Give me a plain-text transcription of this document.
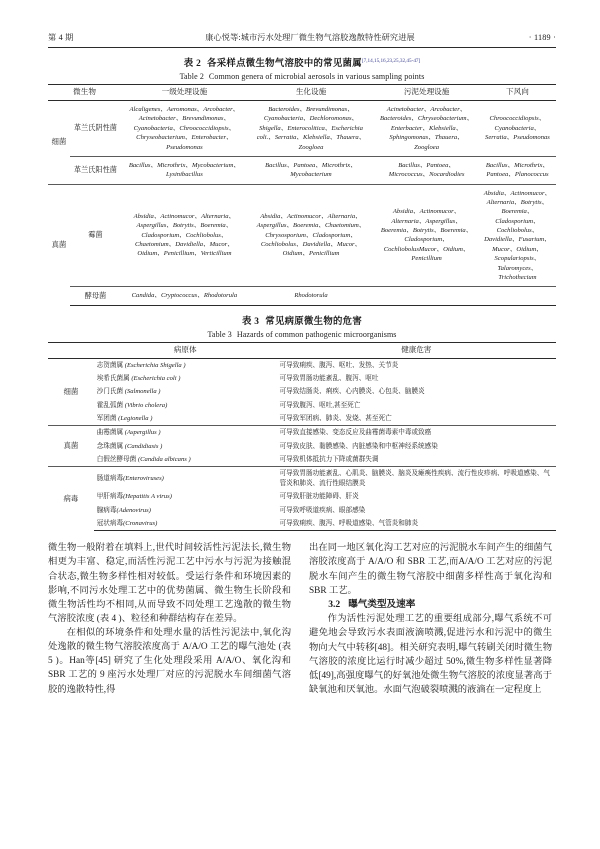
第 4 期	康心悦等:城市污水处理厂微生物气溶胶逸散特性研究进展	· 1189 ·
表 2 各采样点微生物气溶胶中的常见菌属[7,14,15,16,23,25,32,45-47]
Table 2 Common genera of microbial aerosols in various sampling points
微生物		一级处理设施	生化设施	污泥处理设施	下风向
细菌	革兰氏阴性菌	Alcaligenes、Aeromonas、Arcobacter、Acinetobacter、Brevundimonas、Cyanobacteria、Chroococcidiopsis、Chryseobacterium、Enterobacter、Pseudomonas	Bacteroides、Brevundimonas、Cyanobacteria、Dechloromonas、Shigella、Enterocolitica、Escherichia coli.、Serratia、Klebsiella、Thauera、Zoogloea	Acinetobacter、Arcobacter、Bacteroides、Chryseobacterium、Enterbacter、Klebsiella、Sphingomonas、Thauera、Zoogloea	Chroococcidiopsis、Cyanobacteria、Serratia、Pseudomonas
	革兰氏阳性菌	Bacillus、Microthrix、Mycobacterium、Lysinibacillus	Bacillus、Pantoea、Microthrix、Mycobacterium	Bacillus、Pantoea、Micrococcus、Nocardiodies	Bacillus、Microthrix、Pantoea、Planococcus
真菌	霉菌	Absidia、Actinomucor、Alternaria、Aspergillus、Botrytis、Boeremia、Cladosporium、Cochliobolus、Chaetomium、Davidiella、Mucor、Oidium、Penicillium、Verticillium	Absidia、Actinomucor、Alternaria、Aspergillus、Boeremia、Chaetomium、Chrysosporium、Cladosporium、Cochliobolus、Davidiella、Mucor、Oidium、Penicillium	Absidia、Actinomucor、Alternaria、Aspergillus、Boeremia、Botrytis、Boeremia、Cladosporium、CochliobolusMucor、Oidium、Penicillium	Absidia、Actinomucor、Alternaria、Botrytis、Boeremia、Cladosporium、Cochliobolus、Davidiella、Fusarium、Mucor、Oidium、Scopulariopsis、Talaromyces、Trichothecium
	酵母菌	Candida、Cryptococcus、Rhodotorula	Rhodotorula		
表 3 常见病原微生物的危害
Table 3 Hazards of common pathogenic microorganisms
	病原体	健康危害
细菌	志贺菌属 (Escherichia Shigella )	可导致痢疾、腹泻、呕吐、发热、关节炎
	埃希氏菌属 (Escherichia coli )	可导致胃肠功能紊乱、腹泻、呕吐
	沙门氏菌 (Salmonella )	可导致结肠炎、痢疾、心内膜炎、心包炎、脑膜炎
	霍乱弧菌 (Vibrio cholera)	可导致腹泻、呕吐,甚至死亡
	军团菌 (Legionella )	可导致军团病、肺炎、发烧、甚至死亡
真菌	曲霉菌属 (Aspergillus )	可导致直接感染、变态反应及曲霉菌毒素中毒或致癌
	念珠菌属 (Candidiasis )	可导致皮肤、黏膜感染、内脏感染和中枢神经系统感染
	白假丝酵母菌 (Candida albicans )	可导致机体抵抗力下降或菌群失调
病毒	肠道病毒(Enteroviruses)	可导致胃肠功能紊乱、心肌炎、脑膜炎、脑炎及瘫痪性疾病、流行性皮疹病、呼吸道感染、气管炎和肺炎、流行性眼结膜炎
	甲肝病毒(Hepatitis A virus)	可导致肝脏功能障碍、肝炎
	腺病毒(Adenovirus)	可导致呼吸道疾病、眼部感染
	冠状病毒(Cronavirus)	可导致痢疾、腹泻、呼吸道感染、气管炎和肺炎

微生物一般附着在填料上,世代时间较活性污泥法长,微生物相更为丰富、稳定,而活性污泥工艺中污水与污泥为接触混合状态,微生物多样性相对较低。受运行条件和环境因素的影响,不同污水处理工艺中的优势菌属、微生物生长阶段和微生物活性均不相同,从而导致不同处理工艺逸散的微生物气溶胶浓度 (表 4 )、粒径和种群结构存在差异。

在相似的环境条件和处理水量的活性污泥法中,氧化沟处逸散的微生物气溶胶浓度高于 A/A/O 工艺的曝气池处 (表 5 )。Han等[45] 研究了生化处理段采用 A/A/O、氧化沟和 SBR 工艺的 9 座污水处理厂对应的污泥脱水车间细菌气溶胶的逸散特性,得

出在同一地区氧化沟工艺对应的污泥脱水车间产生的细菌气溶胶浓度高于 A/A/O 和 SBR 工艺,而A/A/O 工艺对应的污泥脱水车间产生的微生物气溶胶中细菌多样性高于氧化沟和 SBR 工艺。

3.2 曝气类型及速率

作为活性污泥处理工艺的重要组成部分,曝气系统不可避免地会导致污水表面液滴喷溅,促进污水和污泥中的微生物向大气中转移[48]。相关研究表明,曝气转刷关闭时微生物气溶胶的浓度比运行时减少超过 50%,微生物多样性显著降低[49],高强度曝气的好氧池处微生物气溶胶的浓度显著高于缺氧池和厌氧池。水面气泡破裂喷溅的液滴在一定程度上
